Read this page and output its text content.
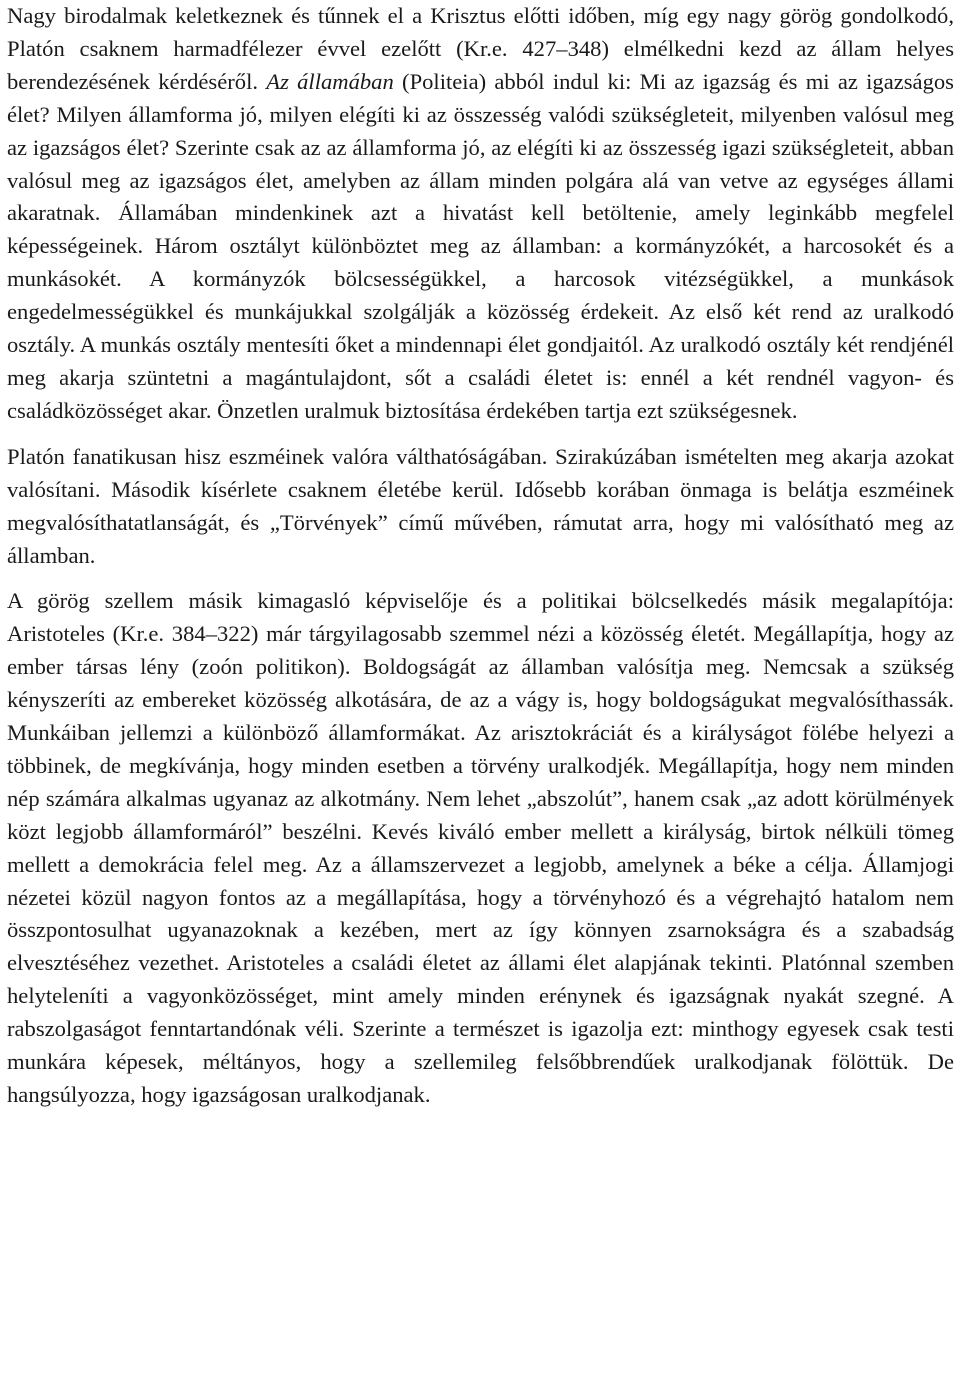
Nagy birodalmak keletkeznek és tűnnek el a Krisztus előtti időben, míg egy nagy görög gondolkodó, Platón csaknem harmadfélezer évvel ezelőtt (Kr.e. 427–348) elmélkedni kezd az állam helyes berendezésének kérdéséről. Az államában (Politeia) abból indul ki: Mi az igazság és mi az igazságos élet? Milyen államforma jó, milyen elégíti ki az összesség valódi szükségleteit, milyenben valósul meg az igazságos élet? Szerinte csak az az államforma jó, az elégíti ki az összesség igazi szükségleteit, abban valósul meg az igazságos élet, amelyben az állam minden polgára alá van vetve az egységes állami akaratnak. Államában mindenkinek azt a hivatást kell betöltenie, amely leginkább megfelel képességeinek. Három osztályt különböztet meg az államban: a kormányzókét, a harcosokét és a munkásokét. A kormányzók bölcsességükkel, a harcosok vitézségükkel, a munkások engedelmességükkel és munkájukkal szolgálják a közösség érdekeit. Az első két rend az uralkodó osztály. A munkás osztály mentesíti őket a mindennapi élet gondjaitól. Az uralkodó osztály két rendjénél meg akarja szüntetni a magántulajdont, sőt a családi életet is: ennél a két rendnél vagyon- és családközösséget akar. Önzetlen uralmuk biztosítása érdekében tartja ezt szükségesnek.

Platón fanatikusan hisz eszméinek valóra válthatóságában. Szirakúzában ismételten meg akarja azokat valósítani. Második kísérlete csaknem életébe kerül. Idősebb korában önmaga is belátja eszméinek megvalósíthatatlanságát, és „Törvények” című művében, rámutat arra, hogy mi valósítható meg az államban.

A görög szellem másik kimagasló képviselője és a politikai bölcselkedés másik megalapítója: Aristoteles (Kr.e. 384–322) már tárgyilagosabb szemmel nézi a közösség életét. Megállapítja, hogy az ember társas lény (zoón politikon). Boldogságát az államban valósítja meg. Nemcsak a szükség kényszeríti az embereket közösség alkotására, de az a vágy is, hogy boldogságukat megvalósíthassák. Munkáiban jellemzi a különböző államformákat. Az arisztokráciát és a királyságot fölébe helyezi a többinek, de megkívánja, hogy minden esetben a törvény uralkodjék. Megállapítja, hogy nem minden nép számára alkalmas ugyanaz az alkotmány. Nem lehet „abszolút”, hanem csak „az adott körülmények közt legjobb államformáról” beszélni. Kevés kiváló ember mellett a királyság, birtok nélküli tömeg mellett a demokrácia felel meg. Az a államszervezet a legjobb, amelynek a béke a célja. Államjogi nézetei közül nagyon fontos az a megállapítása, hogy a törvényhozó és a végrehajtó hatalom nem összpontosulhat ugyanazoknak a kezében, mert az így könnyen zsarnokságra és a szabadság elvesztéséhez vezethet. Aristoteles a családi életet az állami élet alapjának tekinti. Platónnal szemben helyteleníti a vagyonközösséget, mint amely minden erénynek és igazságnak nyakát szegné. A rabszolgaságot fenntartandónak véli. Szerinte a természet is igazolja ezt: minthogy egyesek csak testi munkára képesek, méltányos, hogy a szellemileg felsőbbrendűek uralkodjanak fölöttük. De hangsúlyozza, hogy igazságosan uralkodjanak.
